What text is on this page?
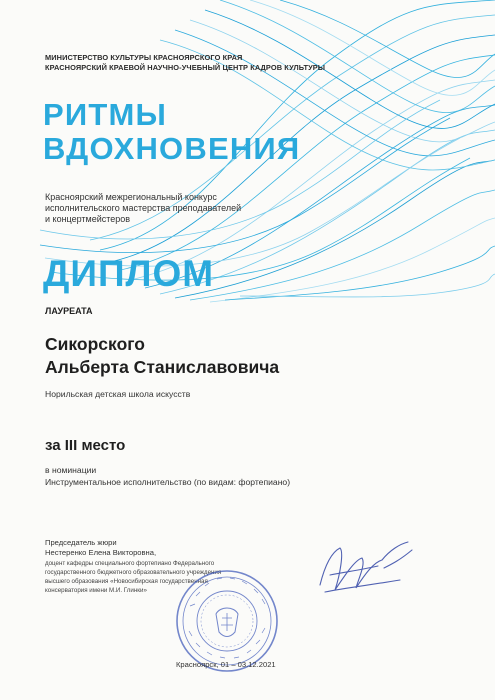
МИНИСТЕРСТВО КУЛЬТУРЫ КРАСНОЯРСКОГО КРАЯ

КРАСНОЯРСКИЙ КРАЕВОЙ НАУЧНО-УЧЕБНЫЙ ЦЕНТР КАДРОВ КУЛЬТУРЫ

РИТМЫ

ВДОХНОВЕНИЯ

Красноярский межрегиональный конкурс

исполнительского мастерства преподавателей

и концертмейстеров

ДИПЛОМ

ЛАУРЕАТА

Сикорского

Альберта Станиславовича

Норильская детская школа искусств

за III место

в номинации

Инструментальное исполнительство (по видам: фортепиано)

Председатель жюри

Нестеренко Елена Викторовна,

доцент кафедры специального фортепиано Федерального

государственного бюджетного образовательного учреждения

высшего образования «Новосибирская государственная

консерватория имени М.И. Глинки»

Красноярск, 01 – 03.12.2021
